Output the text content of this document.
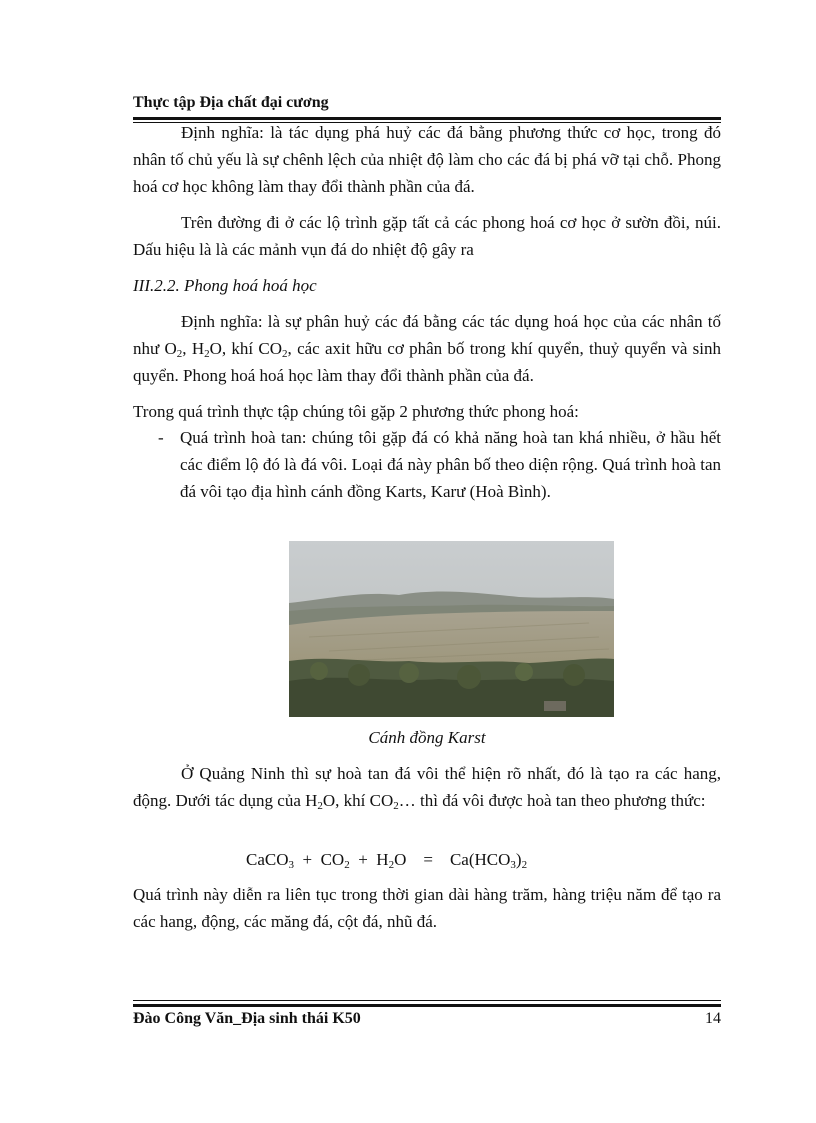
Thực tập Địa chất đại cương

Định nghĩa: là tác dụng phá huỷ các đá bằng phương thức cơ học, trong đó nhân tố chủ yếu là sự chênh lệch của nhiệt độ làm cho các đá bị phá vỡ tại chỗ. Phong hoá cơ học không làm thay đổi thành phần của đá.

Trên đường đi ở các lộ trình gặp tất cả các phong hoá cơ học ở sườn đồi, núi. Dấu hiệu là là các mảnh vụn đá do nhiệt độ gây ra

III.2.2. Phong hoá hoá học

Định nghĩa: là sự phân huỷ các đá bằng các tác dụng hoá học của các nhân tố như $O_2$, $H_2O$, khí $CO_2$, các axit hữu cơ phân bố trong khí quyển, thuỷ quyển và sinh quyển. Phong hoá hoá học làm thay đổi thành phần của đá.

Trong quá trình thực tập chúng tôi gặp 2 phương thức phong hoá:

- Quá trình hoà tan: chúng tôi gặp đá có khả năng hoà tan khá nhiều, ở hầu hết các điểm lộ đó là đá vôi. Loại đá này phân bố theo diện rộng. Quá trình hoà tan đá vôi tạo địa hình cánh đồng Karts, Karư (Hoà Bình).

Cánh đồng Karst

Ở Quảng Ninh thì sự hoà tan đá vôi thể hiện rõ nhất, đó là tạo ra các hang, động. Dưới tác dụng của $H_2O$, khí $CO_2\dots$ thì đá vôi được hoà tan theo phương thức:

CaCO$_3$  +  $CO_2 + H_2O$    =    $Ca(HCO_3)_2$

Quá trình này diễn ra liên tục trong thời gian dài hàng trăm, hàng triệu năm để tạo ra các hang, động, các măng đá, cột đá, nhũ đá.

Đào Công Văn_Địa sinh thái K50	14
